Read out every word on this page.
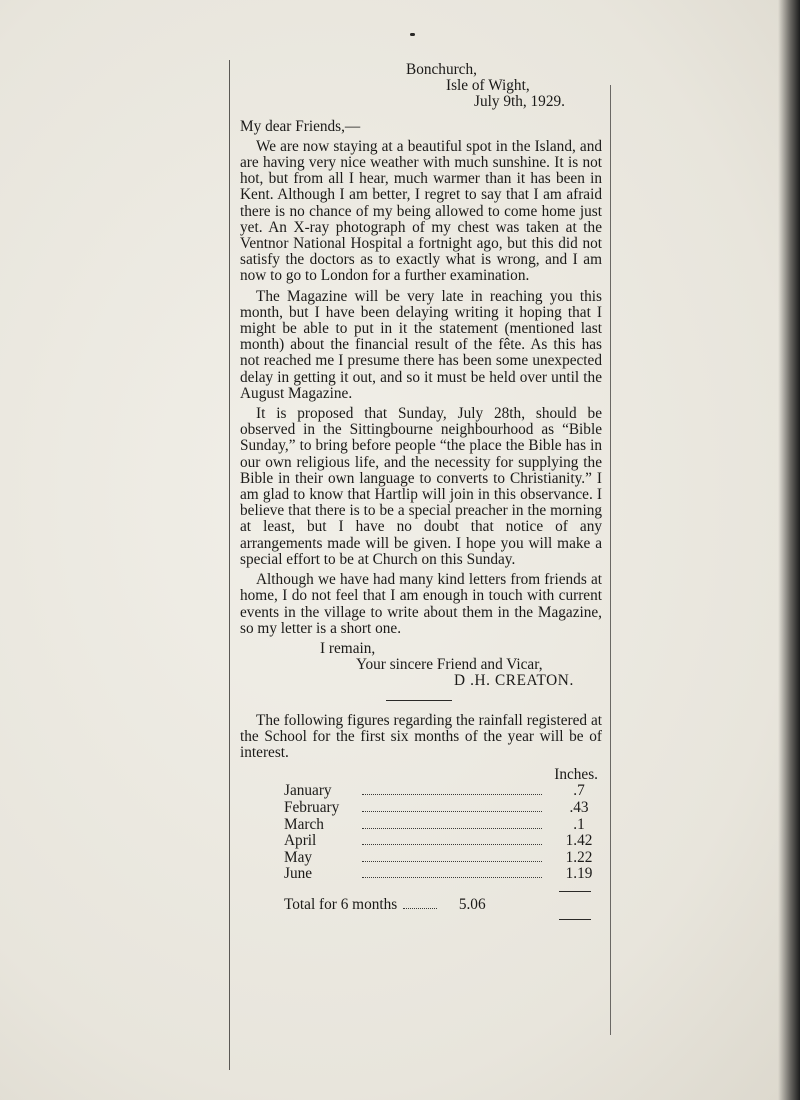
Bonchurch,
Isle of Wight,
July 9th, 1929.
My dear Friends,—

We are now staying at a beautiful spot in the Island, and are having very nice weather with much sunshine. It is not hot, but from all I hear, much warmer than it has been in Kent. Although I am better, I regret to say that I am afraid there is no chance of my being allowed to come home just yet. An X-ray photograph of my chest was taken at the Ventnor National Hospital a fortnight ago, but this did not satisfy the doctors as to exactly what is wrong, and I am now to go to London for a further examination.

The Magazine will be very late in reaching you this month, but I have been delaying writing it hoping that I might be able to put in it the statement (mentioned last month) about the financial result of the fête. As this has not reached me I presume there has been some unexpected delay in getting it out, and so it must be held over until the August Magazine.

It is proposed that Sunday, July 28th, should be observed in the Sittingbourne neighbourhood as “Bible Sunday,” to bring before people “the place the Bible has in our own religious life, and the necessity for supplying the Bible in their own language to converts to Christianity.” I am glad to know that Hartlip will join in this observance. I believe that there is to be a special preacher in the morning at least, but I have no doubt that notice of any arrangements made will be given. I hope you will make a special effort to be at Church on this Sunday.

Although we have had many kind letters from friends at home, I do not feel that I am enough in touch with current events in the village to write about them in the Magazine, so my letter is a short one.

I remain,
Your sincere Friend and Vicar,
D .H. CREATON.

The following figures regarding the rainfall registered at the School for the first six months of the year will be of interest.

Inches.
January	.7
February	.43
March	.1
April	1.42
May	1.22
June	1.19
Total for 6 months	5.06
